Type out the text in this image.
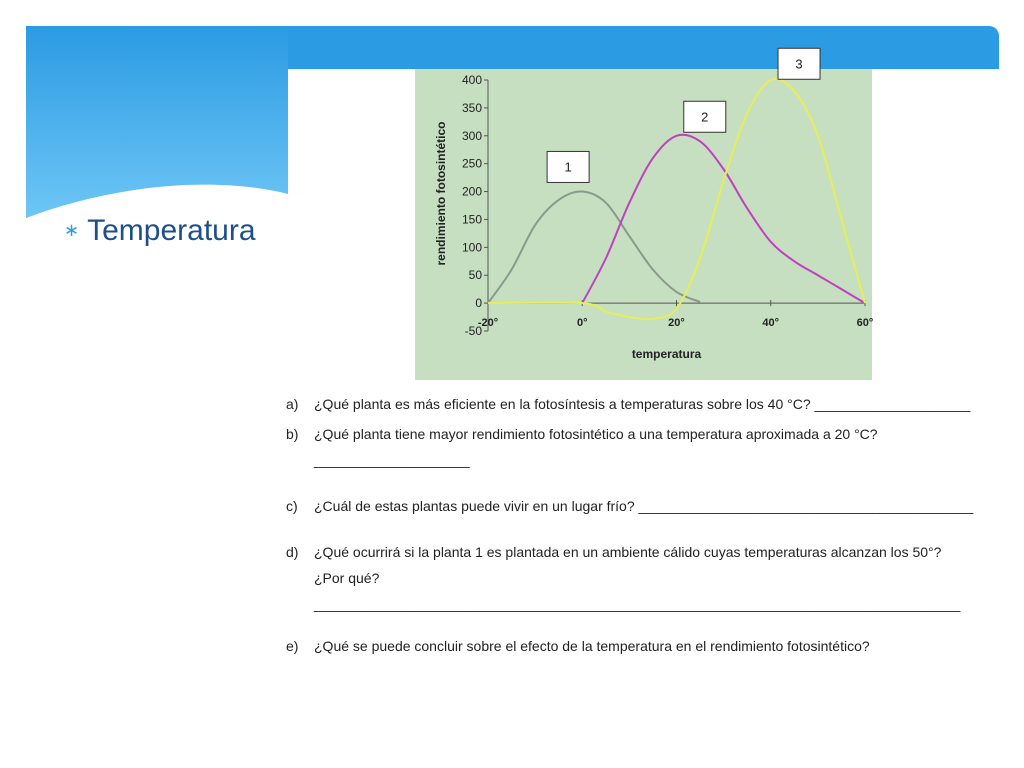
∗ Temperatura
-50
0
50
100
150
200
250
300
350
400
-20°	0°	20°	40°	60°
temperatura
rendimiento fotosintético	1
2
3
a) ¿Qué planta es más eficiente en la fotosíntesis a temperaturas sobre los 40 °C? ____________________
b) ¿Qué planta tiene mayor rendimiento fotosintético a una temperatura aproximada a 20 °C?
____________________
c) ¿Cuál de estas plantas puede vivir en un lugar frío? ___________________________________________
d) ¿Qué ocurrirá si la planta 1 es plantada en un ambiente cálido cuyas temperaturas alcanzan los 50°?
¿Por qué?
___________________________________________________________________________________
e) ¿Qué se puede concluir sobre el efecto de la temperatura en el rendimiento fotosintético?
